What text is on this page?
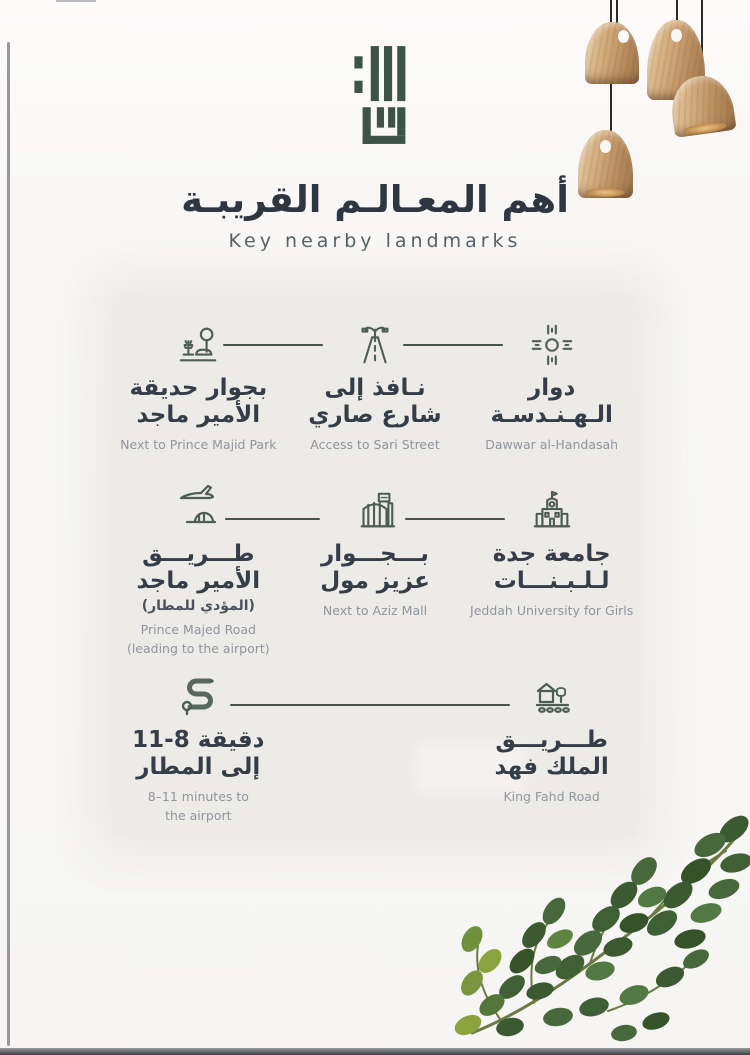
أهم المعـالـم القريبـة
Key nearby landmarks
دوار
الـهـنـدسـة
Dawwar al-Handasah
نـافذ إلى
شارع صاري
Access to Sari Street
بجوار حديقة
الأمير ماجد
Next to Prince Majid Park
جامعة جدة
لـلـبـنـــات
Jeddah University for Girls
بـــجـــوار
عزيز مول
Next to Aziz Mall
طـــريـــق
الأمير ماجد
(المؤدي للمطار)
Prince Majed Road
(leading to the airport)
طـــريـــق
الملك فهد
King Fahd Road
11-8 دقيقة
إلى المطار
8–11 minutes to
the airport
